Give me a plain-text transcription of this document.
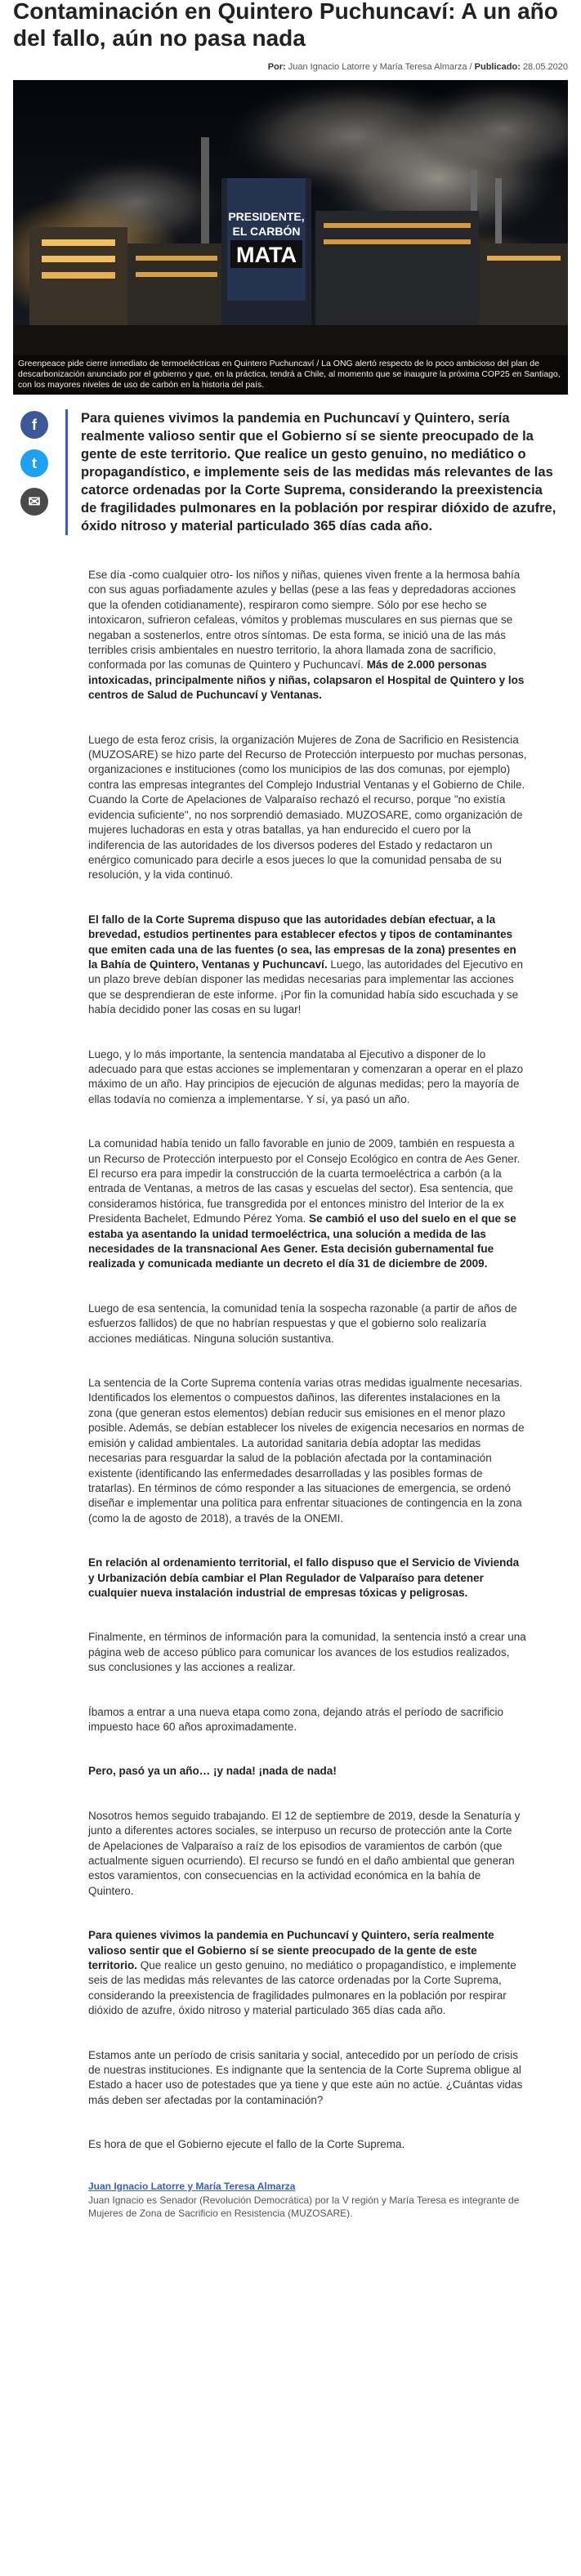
Contaminación en Quintero Puchuncaví: A un año del fallo, aún no pasa nada
Por: Juan Ignacio Latorre y María Teresa Almarza / Publicado: 28.05.2020
PRESIDENTE,
EL CARBÓN
MATA
Greenpeace pide cierre inmediato de termoeléctricas en Quintero Puchuncaví / La ONG alertó respecto de lo poco ambicioso del plan de descarbonización anunciado por el gobierno y que, en la práctica, tendrá a Chile, al momento que se inaugure la próxima COP25 en Santiago, con los mayores niveles de uso de carbón en la historia del país.
f
t
✉
Para quienes vivimos la pandemia en Puchuncaví y Quintero, sería realmente valioso sentir que el Gobierno sí se siente preocupado de la gente de este territorio. Que realice un gesto genuino, no mediático o propagandístico, e implemente seis de las medidas más relevantes de las catorce ordenadas por la Corte Suprema, considerando la preexistencia de fragilidades pulmonares en la población por respirar dióxido de azufre, óxido nitroso y material particulado 365 días cada año.

Ese día -como cualquier otro- los niños y niñas, quienes viven frente a la hermosa bahía con sus aguas porfiadamente azules y bellas (pese a las feas y depredadoras acciones que la ofenden cotidianamente), respiraron como siempre. Sólo por ese hecho se intoxicaron, sufrieron cefaleas, vómitos y problemas musculares en sus piernas que se negaban a sostenerlos, entre otros síntomas. De esta forma, se inició una de las más terribles crisis ambientales en nuestro territorio, la ahora llamada zona de sacrificio, conformada por las comunas de Quintero y Puchuncaví. Más de 2.000 personas intoxicadas, principalmente niños y niñas, colapsaron el Hospital de Quintero y los centros de Salud de Puchuncaví y Ventanas.

Luego de esta feroz crisis, la organización Mujeres de Zona de Sacrificio en Resistencia (MUZOSARE) se hizo parte del Recurso de Protección interpuesto por muchas personas, organizaciones e instituciones (como los municipios de las dos comunas, por ejemplo) contra las empresas integrantes del Complejo Industrial Ventanas y el Gobierno de Chile. Cuando la Corte de Apelaciones de Valparaíso rechazó el recurso, porque "no existía evidencia suficiente", no nos sorprendió demasiado. MUZOSARE, como organización de mujeres luchadoras en esta y otras batallas, ya han endurecido el cuero por la indiferencia de las autoridades de los diversos poderes del Estado y redactaron un enérgico comunicado para decirle a esos jueces lo que la comunidad pensaba de su resolución, y la vida continuó.

El fallo de la Corte Suprema dispuso que las autoridades debían efectuar, a la brevedad, estudios pertinentes para establecer efectos y tipos de contaminantes que emiten cada una de las fuentes (o sea, las empresas de la zona) presentes en la Bahía de Quintero, Ventanas y Puchuncaví. Luego, las autoridades del Ejecutivo en un plazo breve debían disponer las medidas necesarias para implementar las acciones que se desprendieran de este informe. ¡Por fin la comunidad había sido escuchada y se había decidido poner las cosas en su lugar!

Luego, y lo más importante, la sentencia mandataba al Ejecutivo a disponer de lo adecuado para que estas acciones se implementaran y comenzaran a operar en el plazo máximo de un año. Hay principios de ejecución de algunas medidas; pero la mayoría de ellas todavía no comienza a implementarse. Y sí, ya pasó un año.

La comunidad había tenido un fallo favorable en junio de 2009, también en respuesta a un Recurso de Protección interpuesto por el Consejo Ecológico en contra de Aes Gener. El recurso era para impedir la construcción de la cuarta termoeléctrica a carbón (a la entrada de Ventanas, a metros de las casas y escuelas del sector). Esa sentencia, que consideramos histórica, fue transgredida por el entonces ministro del Interior de la ex Presidenta Bachelet, Edmundo Pérez Yoma. Se cambió el uso del suelo en el que se estaba ya asentando la unidad termoeléctrica, una solución a medida de las necesidades de la transnacional Aes Gener. Esta decisión gubernamental fue realizada y comunicada mediante un decreto el día 31 de diciembre de 2009.

Luego de esa sentencia, la comunidad tenía la sospecha razonable (a partir de años de esfuerzos fallidos) de que no habrían respuestas y que el gobierno solo realizaría acciones mediáticas. Ninguna solución sustantiva.

La sentencia de la Corte Suprema contenía varias otras medidas igualmente necesarias. Identificados los elementos o compuestos dañinos, las diferentes instalaciones en la zona (que generan estos elementos) debían reducir sus emisiones en el menor plazo posible. Además, se debían establecer los niveles de exigencia necesarios en normas de emisión y calidad ambientales. La autoridad sanitaria debía adoptar las medidas necesarias para resguardar la salud de la población afectada por la contaminación existente (identificando las enfermedades desarrolladas y las posibles formas de tratarlas). En términos de cómo responder a las situaciones de emergencia, se ordenó diseñar e implementar una política para enfrentar situaciones de contingencia en la zona (como la de agosto de 2018), a través de la ONEMI.

En relación al ordenamiento territorial, el fallo dispuso que el Servicio de Vivienda y Urbanización debía cambiar el Plan Regulador de Valparaíso para detener cualquier nueva instalación industrial de empresas tóxicas y peligrosas.

Finalmente, en términos de información para la comunidad, la sentencia instó a crear una página web de acceso público para comunicar los avances de los estudios realizados, sus conclusiones y las acciones a realizar.

Íbamos a entrar a una nueva etapa como zona, dejando atrás el período de sacrificio impuesto hace 60 años aproximadamente.

Pero, pasó ya un año… ¡y nada! ¡nada de nada!

Nosotros hemos seguido trabajando. El 12 de septiembre de 2019, desde la Senaturía y junto a diferentes actores sociales, se interpuso un recurso de protección ante la Corte de Apelaciones de Valparaíso a raíz de los episodios de varamientos de carbón (que actualmente siguen ocurriendo). El recurso se fundó en el daño ambiental que generan estos varamientos, con consecuencias en la actividad económica en la bahía de Quintero.

Para quienes vivimos la pandemia en Puchuncaví y Quintero, sería realmente valioso sentir que el Gobierno sí se siente preocupado de la gente de este territorio. Que realice un gesto genuino, no mediático o propagandístico, e implemente seis de las medidas más relevantes de las catorce ordenadas por la Corte Suprema, considerando la preexistencia de fragilidades pulmonares en la población por respirar dióxido de azufre, óxido nitroso y material particulado 365 días cada año.

Estamos ante un período de crisis sanitaria y social, antecedido por un período de crisis de nuestras instituciones. Es indignante que la sentencia de la Corte Suprema obligue al Estado a hacer uso de potestades que ya tiene y que este aún no actúe. ¿Cuántas vidas más deben ser afectadas por la contaminación?

Es hora de que el Gobierno ejecute el fallo de la Corte Suprema.

Juan Ignacio Latorre y María Teresa Almarza
Juan Ignacio es Senador (Revolución Democrática) por la V región y María Teresa es integrante de Mujeres de Zona de Sacrificio en Resistencia (MUZOSARE).
